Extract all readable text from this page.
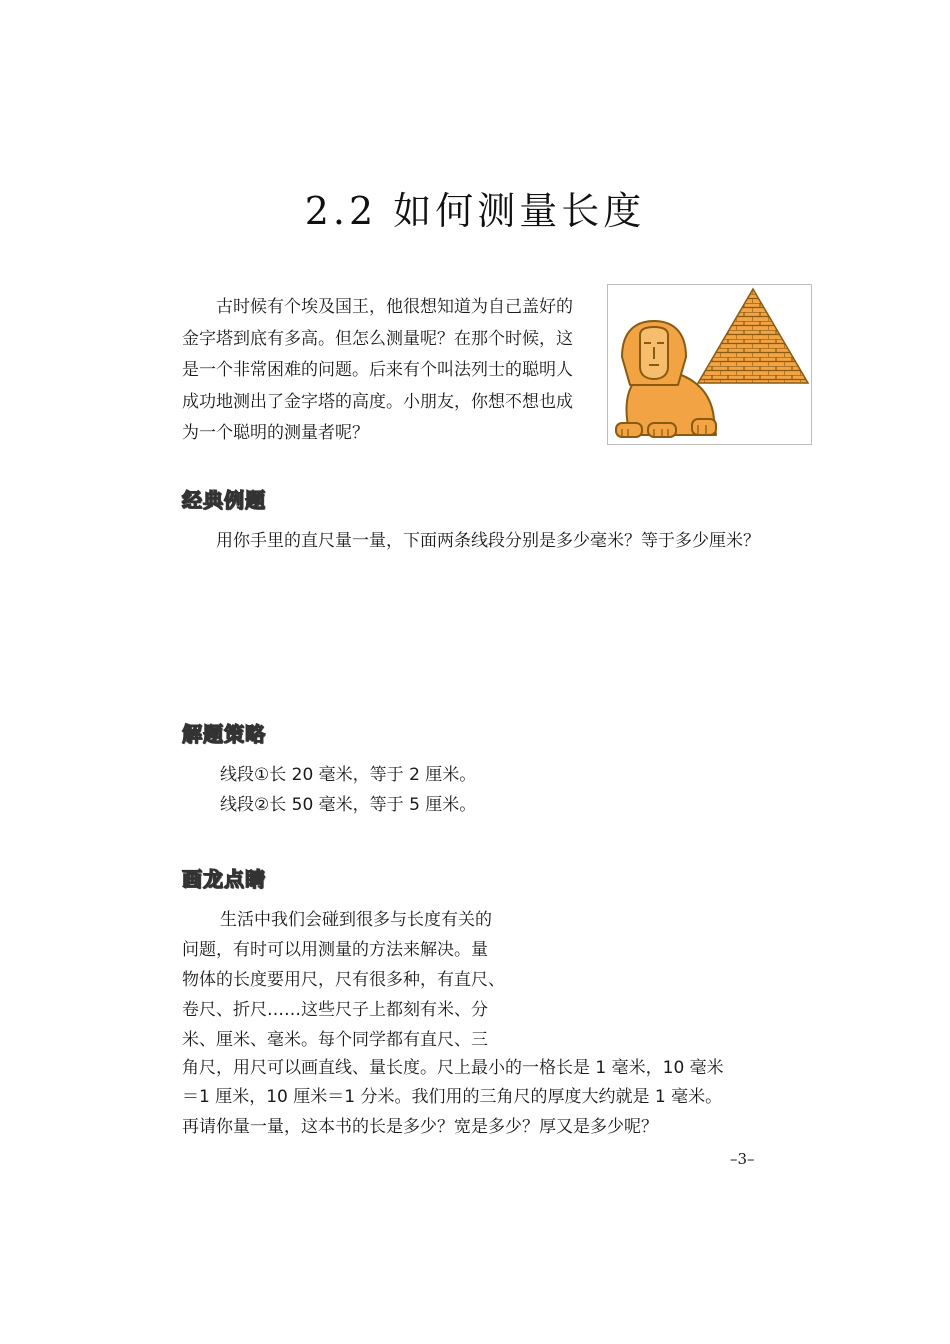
2.2 如何测量长度

古时候有个埃及国王，他很想知道为自己盖好的金字塔到底有多高。但怎么测量呢？在那个时候，这是一个非常困难的问题。后来有个叫法列士的聪明人成功地测出了金字塔的高度。小朋友，你想不想也成为一个聪明的测量者呢？

经典例题

用你手里的直尺量一量，下面两条线段分别是多少毫米？等于多少厘米？

解题策略

线段①长 20 毫米，等于 2 厘米。

线段②长 50 毫米，等于 5 厘米。

画龙点睛

生活中我们会碰到很多与长度有关的

问题，有时可以用测量的方法来解决。量

物体的长度要用尺，尺有很多种，有直尺、

卷尺、折尺……这些尺子上都刻有米、分

米、厘米、毫米。每个同学都有直尺、三

角尺，用尺可以画直线、量长度。尺上最小的一格长是 1 毫米，10 毫米

＝1 厘米，10 厘米＝1 分米。我们用的三角尺的厚度大约就是 1 毫米。

再请你量一量，这本书的长是多少？宽是多少？厚又是多少呢？

–3–
